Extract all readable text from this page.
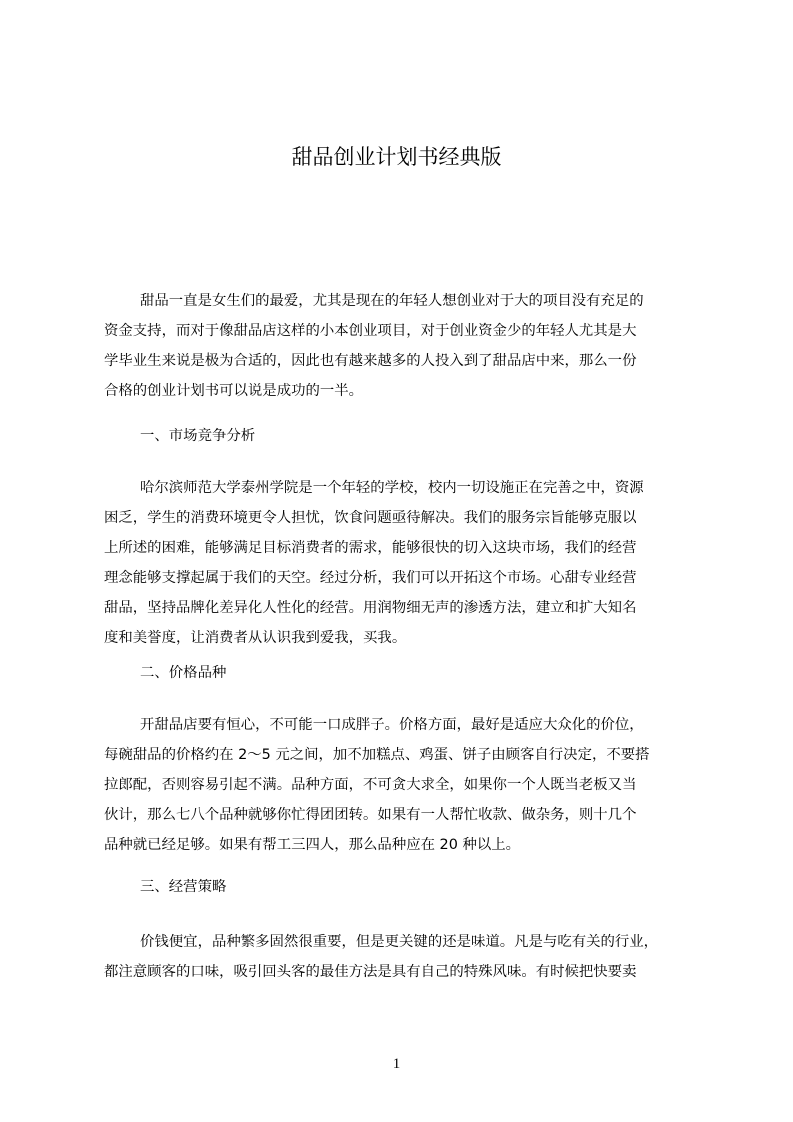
甜品创业计划书经典版
甜品一直是女生们的最爱，尤其是现在的年轻人想创业对于大的项目没有充足的
资金支持，而对于像甜品店这样的小本创业项目，对于创业资金少的年轻人尤其是大
学毕业生来说是极为合适的，因此也有越来越多的人投入到了甜品店中来，那么一份
合格的创业计划书可以说是成功的一半。
一、市场竞争分析
哈尔滨师范大学泰州学院是一个年轻的学校，校内一切设施正在完善之中，资源
困乏，学生的消费环境更令人担忧，饮食问题亟待解决。我们的服务宗旨能够克服以
上所述的困难，能够满足目标消费者的需求，能够很快的切入这块市场，我们的经营
理念能够支撑起属于我们的天空。经过分析，我们可以开拓这个市场。心甜专业经营
甜品，坚持品牌化差异化人性化的经营。用润物细无声的渗透方法，建立和扩大知名
度和美誉度，让消费者从认识我到爱我，买我。
二、价格品种
开甜品店要有恒心，不可能一口成胖子。价格方面，最好是适应大众化的价位，
每碗甜品的价格约在 2～5 元之间，加不加糕点、鸡蛋、饼子由顾客自行决定，不要搭
拉郎配，否则容易引起不满。品种方面，不可贪大求全，如果你一个人既当老板又当
伙计，那么七八个品种就够你忙得团团转。如果有一人帮忙收款、做杂务，则十几个
品种就已经足够。如果有帮工三四人，那么品种应在 20 种以上。
三、经营策略
价钱便宜，品种繁多固然很重要，但是更关键的还是味道。凡是与吃有关的行业，
都注意顾客的口味，吸引回头客的最佳方法是具有自己的特殊风味。有时候把快要卖
1
